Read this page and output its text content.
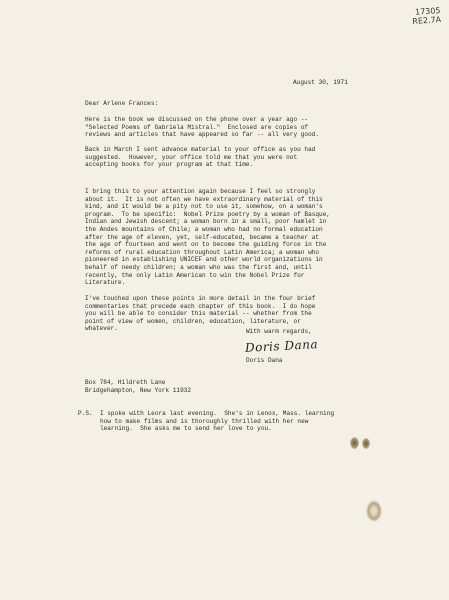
17305
RE2.7A
August 30, 1971
Dear Arlene Frances:
Here is the book we discussed on the phone over a year ago --
"Selected Poems of Gabriela Mistral."  Enclosed are copies of
reviews and articles that have appeared so far -- all very good.
Back in March I sent advance material to your office as you had
suggested.  However, your office told me that you were not
accepting books for your program at that time.
I bring this to your attention again because I feel so strongly
about it.  It is not often we have extraordinary material of this
kind, and it would be a pity not to use it, somehow, on a woman's
program.  To be specific:  Nobel Prize poetry by a woman of Basque,
Indian and Jewish descent; a woman born in a small, poor hamlet in
the Andes mountains of Chile; a woman who had no formal education
after the age of eleven, yet, self-educated, became a teacher at
the age of fourteen and went on to become the guiding force in the
reforms of rural education throughout Latin America; a woman who
pioneered in establishing UNICEF and other world organizations in
behalf of needy children; a woman who was the first and, until
recently, the only Latin American to win the Nobel Prize for
Literature.
I've touched upon these points in more detail in the four brief
commentaries that precede each chapter of this book.  I do hope
you will be able to consider this material -- whether from the
point of view of women, children, education, literature, or
whatever.	With warm regards,
Doris Dana
Doris Dana
Box 784, Hildreth Lane
Bridgehampton, New York 11932
P.S.  I spoke with Leora last evening.  She's in Lenox, Mass. learning
how to make films and is thoroughly thrilled with her new
learning.  She asks me to send her love to you.
